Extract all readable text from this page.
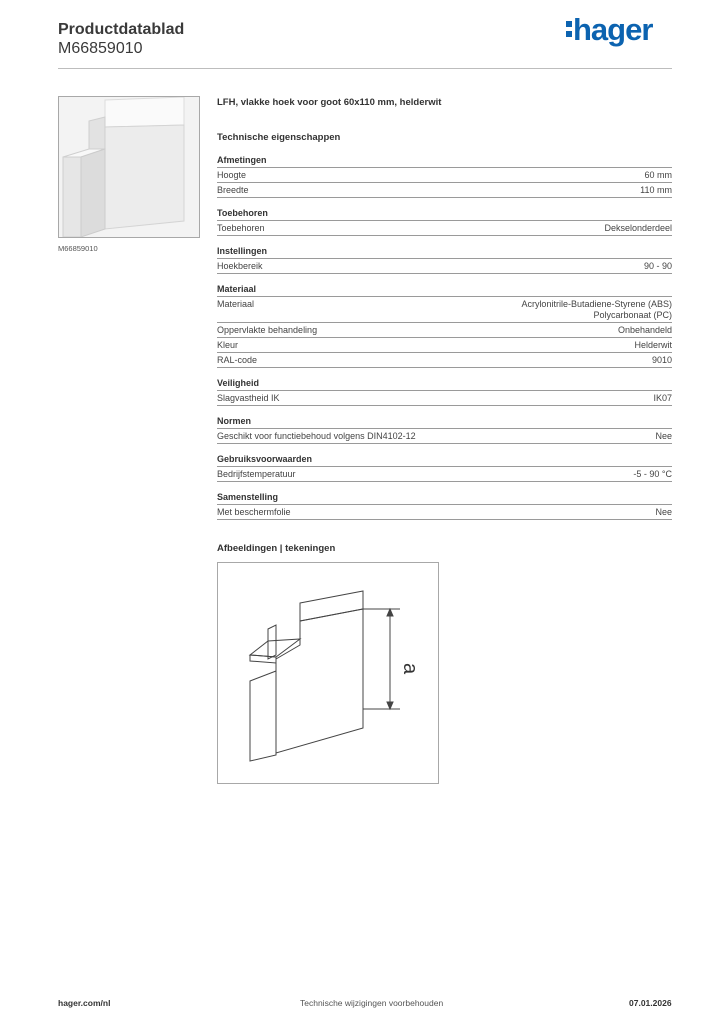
Productdatablad
M66859010
hager
M66859010
LFH, vlakke hoek voor goot 60x110 mm, helderwit
Technische eigenschappen
Afmetingen
Hoogte	60 mm
Breedte	110 mm
Toebehoren
Toebehoren	Dekselonderdeel
Instellingen
Hoekbereik	90 - 90
Materiaal
Materiaal	Acrylonitrile-Butadiene-Styrene (ABS)
Polycarbonaat (PC)
Oppervlakte behandeling	Onbehandeld
Kleur	Helderwit
RAL-code	9010
Veiligheid
Slagvastheid IK	IK07
Normen
Geschikt voor functiebehoud volgens DIN4102-12	Nee
Gebruiksvoorwaarden
Bedrijfstemperatuur	-5 - 90 °C
Samenstelling
Met beschermfolie	Nee
Afbeeldingen | tekeningen
a
hager.com/nl	Technische wijzigingen voorbehouden	07.01.2026
